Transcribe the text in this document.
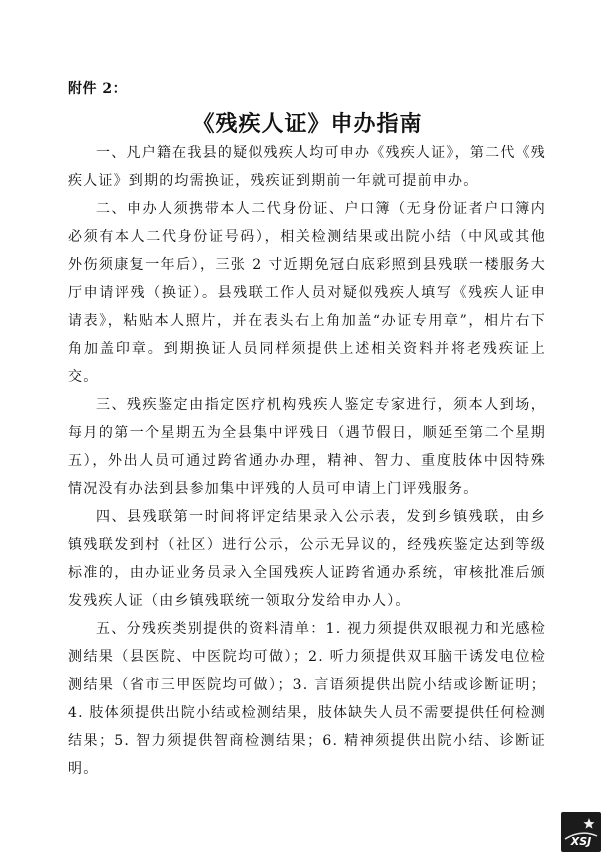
附件 2：
《残疾人证》申办指南

一、凡户籍在我县的疑似残疾人均可申办《残疾人证》，第二代《残疾人证》到期的均需换证，残疾证到期前一年就可提前申办。

二、申办人须携带本人二代身份证、户口簿（无身份证者户口簿内必须有本人二代身份证号码），相关检测结果或出院小结（中风或其他外伤须康复一年后），三张 2 寸近期免冠白底彩照到县残联一楼服务大厅申请评残（换证）。县残联工作人员对疑似残疾人填写《残疾人证申请表》，粘贴本人照片，并在表头右上角加盖“办证专用章”，相片右下角加盖印章。到期换证人员同样须提供上述相关资料并将老残疾证上交。

三、残疾鉴定由指定医疗机构残疾人鉴定专家进行，须本人到场，每月的第一个星期五为全县集中评残日（遇节假日，顺延至第二个星期五），外出人员可通过跨省通办办理，精神、智力、重度肢体中因特殊情况没有办法到县参加集中评残的人员可申请上门评残服务。

四、县残联第一时间将评定结果录入公示表，发到乡镇残联，由乡镇残联发到村（社区）进行公示，公示无异议的，经残疾鉴定达到等级标准的，由办证业务员录入全国残疾人证跨省通办系统，审核批准后颁发残疾人证（由乡镇残联统一领取分发给申办人）。

五、分残疾类别提供的资料清单：1. 视力须提供双眼视力和光感检测结果（县医院、中医院均可做）；2. 听力须提供双耳脑干诱发电位检测结果（省市三甲医院均可做）；3. 言语须提供出院小结或诊断证明；4. 肢体须提供出院小结或检测结果，肢体缺失人员不需要提供任何检测结果；5. 智力须提供智商检测结果；6. 精神须提供出院小结、诊断证明。

XSJ
